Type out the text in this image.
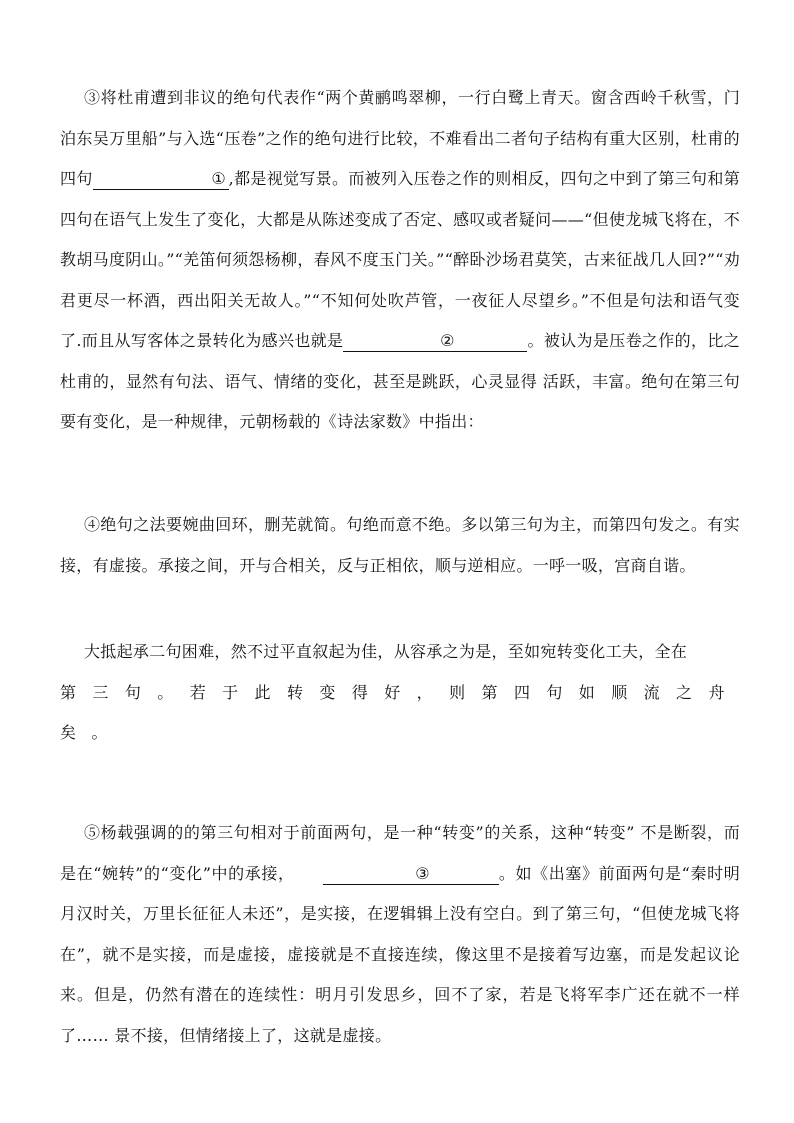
③将杜甫遭到非议的绝句代表作“两个黄鹂鸣翠柳，一行白鹭上青天。窗含西岭千秋雪，门泊东吴万里船”与入选“压卷”之作的绝句进行比较，不难看出二者句子结构有重大区别，杜甫的四句	① ,都是视觉写景。而被列入压卷之作的则相反，四句之中到了第三句和第四句在语气上发生了变化，大都是从陈述变成了否定、感叹或者疑问——“但使龙城飞将在，不教胡马度阴山。”“羌笛何须怨杨柳，春风不度玉门关。”“醉卧沙场君莫笑，古来征战几人回?”“劝君更尽一杯酒，西出阳关无故人。”“不知何处吹芦管，一夜征人尽望乡。”不但是句法和语气变了.而且从写客体之景转化为感兴也就是	②	。被认为是压卷之作的，比之杜甫的，显然有句法、语气、情绪的变化，甚至是跳跃，心灵显得 活跃，丰富。绝句在第三句要有变化，是一种规律，元朝杨载的《诗法家数》中指出：
④绝句之法要婉曲回环，删芜就简。句绝而意不绝。多以第三句为主，而第四句发之。有实接，有虚接。承接之间，开与合相关，反与正相依，顺与逆相应。一呼一吸，宫商自谐。
大抵起承二句困难，然不过平直叙起为佳，从容承之为是，至如宛转变化工夫，全在
第三句。若于此转变得好，则第四句如顺流之舟矣。
⑤杨载强调的的第三句相对于前面两句，是一种“转变”的关系，这种“转变” 不是断裂，而是在“婉转”的“变化”中的承接，	③	。如《出塞》前面两句是“秦时明月汉时关，万里长征征人未还”，是实接，在逻辑辑上没有空白。到了第三句，“但使龙城飞将在”，就不是实接，而是虚接，虚接就是不直接连续，像这里不是接着写边塞，而是发起议论来。但是，仍然有潜在的连续性：明月引发思乡，回不了家，若是飞将军李广还在就不一样了…… 景不接，但情绪接上了，这就是虚接。
